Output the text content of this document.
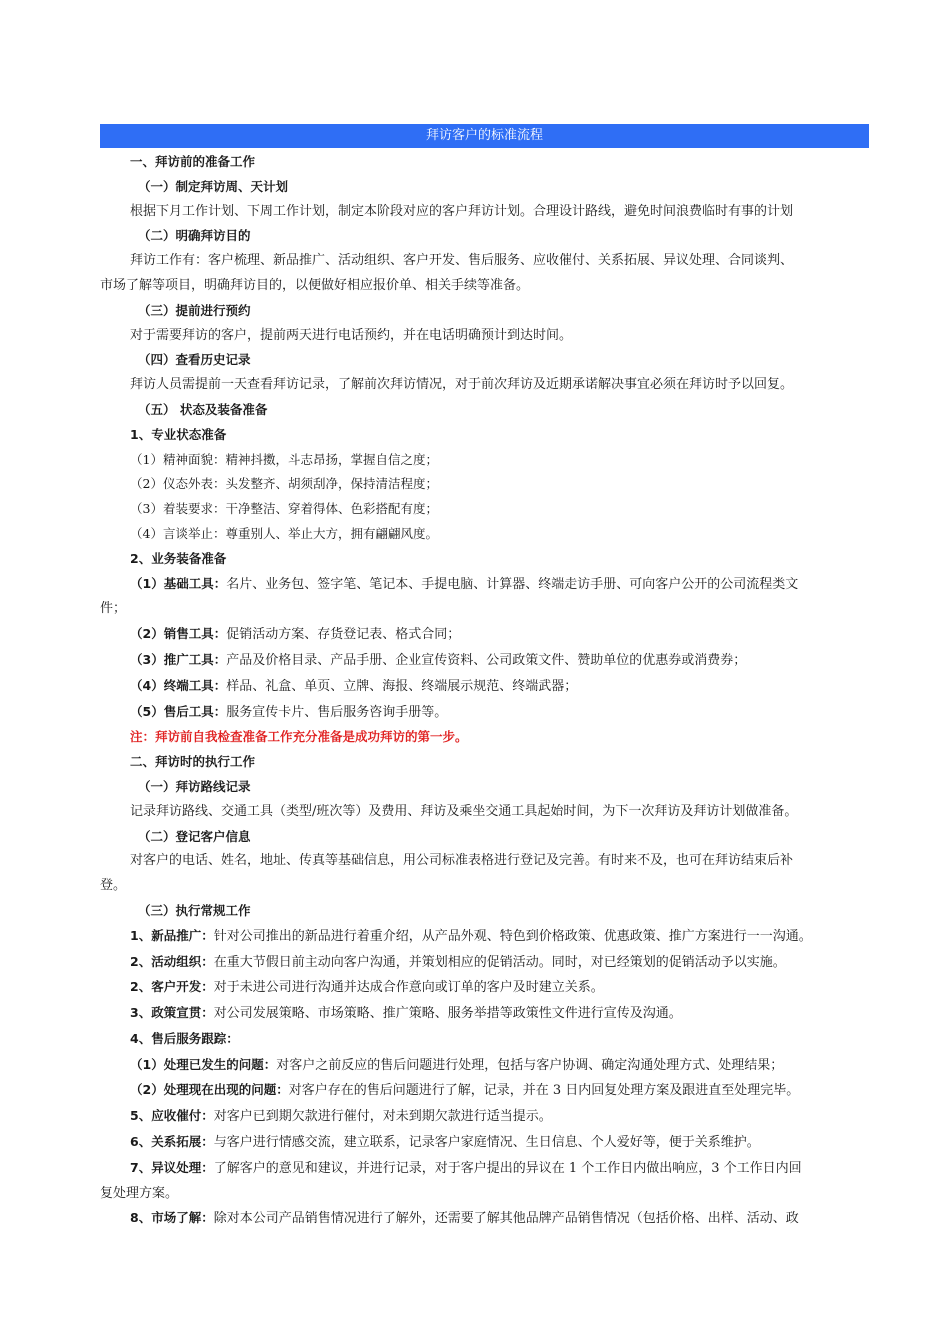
拜访客户的标准流程
一、拜访前的准备工作
（一）制定拜访周、天计划
根据下月工作计划、下周工作计划，制定本阶段对应的客户拜访计划。合理设计路线，避免时间浪费临时有事的计划
（二）明确拜访目的
拜访工作有：客户梳理、新品推广、活动组织、客户开发、售后服务、应收催付、关系拓展、异议处理、合同谈判、
市场了解等项目，明确拜访目的，以便做好相应报价单、相关手续等准备。
（三）提前进行预约
对于需要拜访的客户，提前两天进行电话预约，并在电话明确预计到达时间。
（四）查看历史记录
拜访人员需提前一天查看拜访记录，了解前次拜访情况，对于前次拜访及近期承诺解决事宜必须在拜访时予以回复。
（五） 状态及装备准备
1、专业状态准备
（1）精神面貌：精神抖擞，斗志昂扬，掌握自信之度；
（2）仪态外表：头发整齐、胡须刮净，保持清洁程度；
（3）着装要求：干净整洁、穿着得体、色彩搭配有度；
（4）言谈举止：尊重别人、举止大方，拥有翩翩风度。
2、业务装备准备
（1）基础工具：名片、业务包、签字笔、笔记本、手提电脑、计算器、终端走访手册、可向客户公开的公司流程类文
件；
（2）销售工具：促销活动方案、存货登记表、格式合同；
（3）推广工具：产品及价格目录、产品手册、企业宣传资料、公司政策文件、赞助单位的优惠券或消费券；
（4）终端工具：样品、礼盒、单页、立牌、海报、终端展示规范、终端武器；
（5）售后工具：服务宣传卡片、售后服务咨询手册等。
注：拜访前自我检查准备工作充分准备是成功拜访的第一步。
二、拜访时的执行工作
（一）拜访路线记录
记录拜访路线、交通工具（类型/班次等）及费用、拜访及乘坐交通工具起始时间，为下一次拜访及拜访计划做准备。
（二）登记客户信息
对客户的电话、姓名，地址、传真等基础信息，用公司标准表格进行登记及完善。有时来不及，也可在拜访结束后补
登。
（三）执行常规工作
1、新品推广：针对公司推出的新品进行着重介绍，从产品外观、特色到价格政策、优惠政策、推广方案进行一一沟通。
2、活动组织：在重大节假日前主动向客户沟通，并策划相应的促销活动。同时，对已经策划的促销活动予以实施。
2、客户开发：对于未进公司进行沟通并达成合作意向或订单的客户及时建立关系。
3、政策宣贯：对公司发展策略、市场策略、推广策略、服务举措等政策性文件进行宣传及沟通。
4、售后服务跟踪：
（1）处理已发生的问题：对客户之前反应的售后问题进行处理，包括与客户协调、确定沟通处理方式、处理结果；
（2）处理现在出现的问题：对客户存在的售后问题进行了解，记录，并在 3 日内回复处理方案及跟进直至处理完毕。
5、应收催付：对客户已到期欠款进行催付，对未到期欠款进行适当提示。
6、关系拓展：与客户进行情感交流，建立联系，记录客户家庭情况、生日信息、个人爱好等，便于关系维护。
7、异议处理：了解客户的意见和建议，并进行记录，对于客户提出的异议在 1 个工作日内做出响应，3 个工作日内回
复处理方案。
8、市场了解：除对本公司产品销售情况进行了解外，还需要了解其他品牌产品销售情况（包括价格、出样、活动、政
